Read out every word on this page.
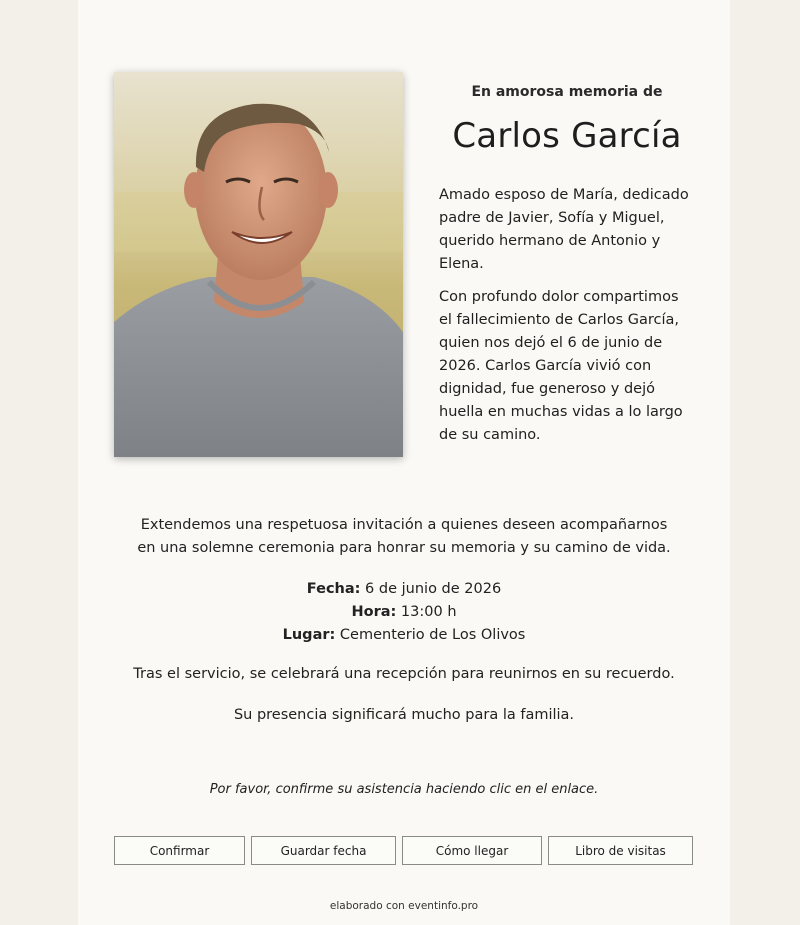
En amorosa memoria de
Carlos García
Amado esposo de María, dedicado padre de Javier, Sofía y Miguel, querido hermano de Antonio y Elena.
Con profundo dolor compartimos el fallecimiento de Carlos García, quien nos dejó el 6 de junio de 2026. Carlos García vivió con dignidad, fue generoso y dejó huella en muchas vidas a lo largo de su camino.
Extendemos una respetuosa invitación a quienes deseen acompañarnos en una solemne ceremonia para honrar su memoria y su camino de vida.
Fecha: 6 de junio de 2026
Hora: 13:00 h
Lugar: Cementerio de Los Olivos
Tras el servicio, se celebrará una recepción para reunirnos en su recuerdo.
Su presencia significará mucho para la familia.
Por favor, confirme su asistencia haciendo clic en el enlace.
Confirmar	Guardar fecha	Cómo llegar	Libro de visitas
elaborado con eventinfo.pro
